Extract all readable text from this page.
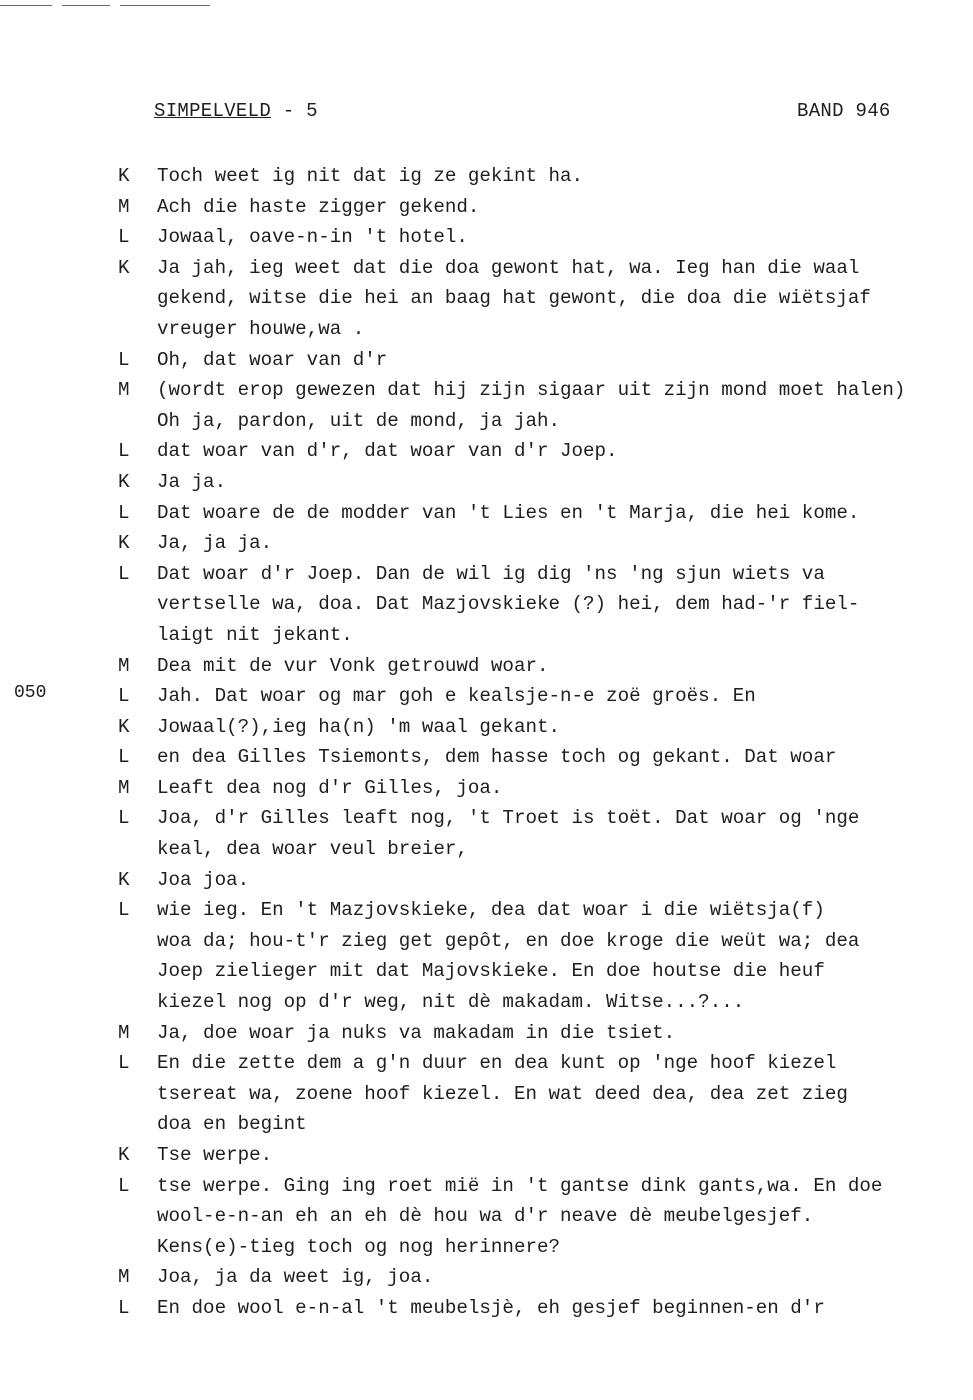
SIMPELVELD - 5	BAND 946
050
K Toch weet ig nit dat ig ze gekint ha.
M Ach die haste zigger gekend.
L Jowaal, oave-n-in 't hotel.
K Ja jah, ieg weet dat die doa gewont hat, wa. Ieg han die waal
gekend, witse die hei an baag hat gewont, die doa die wiëtsjaf
vreuger houwe,wa .
L Oh, dat woar van d'r
M (wordt erop gewezen dat hij zijn sigaar uit zijn mond moet halen)
Oh ja, pardon, uit de mond, ja jah.
L dat woar van d'r, dat woar van d'r Joep.
K Ja ja.
L Dat woare de de modder van 't Lies en 't Marja, die hei kome.
K Ja, ja ja.
L Dat woar d'r Joep. Dan de wil ig dig 'ns 'ng sjun wiets va
vertselle wa, doa. Dat Mazjovskieke (?) hei, dem had-'r fiel-
laigt nit jekant.
M Dea mit de vur Vonk getrouwd woar.
L Jah. Dat woar og mar goh e kealsje-n-e zoë groës. En
K Jowaal(?),ieg ha(n) 'm waal gekant.
L en dea Gilles Tsiemonts, dem hasse toch og gekant. Dat woar
M Leaft dea nog d'r Gilles, joa.
L Joa, d'r Gilles leaft nog, 't Troet is toët. Dat woar og 'nge
keal, dea woar veul breier,
K Joa joa.
L wie ieg. En 't Mazjovskieke, dea dat woar i die wiëtsja(f)
woa da; hou-t'r zieg get gepôt, en doe kroge die weüt wa; dea
Joep zielieger mit dat Majovskieke. En doe houtse die heuf
kiezel nog op d'r weg, nit dè makadam. Witse...?...
M Ja, doe woar ja nuks va makadam in die tsiet.
L En die zette dem a g'n duur en dea kunt op 'nge hoof kiezel
tsereat wa, zoene hoof kiezel. En wat deed dea, dea zet zieg
doa en begint
K Tse werpe.
L tse werpe. Ging ing roet mië in 't gantse dink gants,wa. En doe
wool-e-n-an eh an eh dè hou wa d'r neave dè meubelgesjef.
Kens(e)-tieg toch og nog herinnere?
M Joa, ja da weet ig, joa.
L En doe wool e-n-al 't meubelsjè, eh gesjef beginnen-en d'r
